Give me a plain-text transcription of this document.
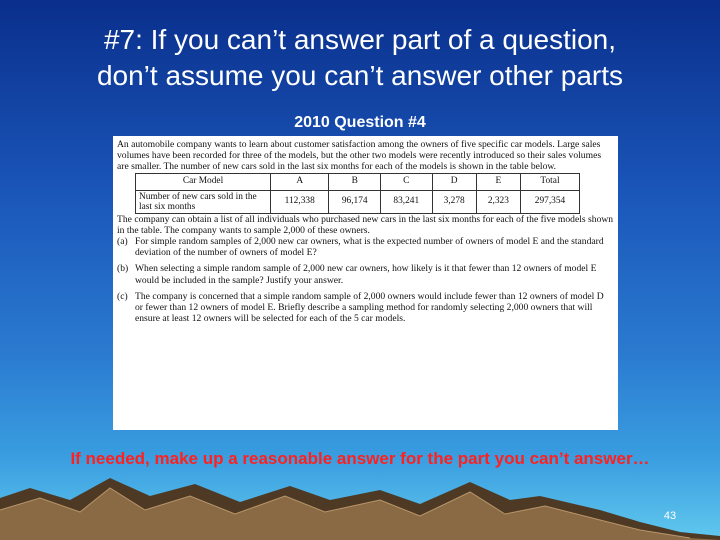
#7: If you can’t answer part of a question,
don’t assume you can’t answer other parts
2010 Question #4

An automobile company wants to learn about customer satisfaction among the owners of five specific car models. Large sales volumes have been recorded for three of the models, but the other two models were recently introduced so their sales volumes are smaller. The number of new cars sold in the last six months for each of the models is shown in the table below.

Car Model	A	B	C	D	E	Total
Number of new cars sold in the last six months	112,338	96,174	83,241	3,278	2,323	297,354

The company can obtain a list of all individuals who purchased new cars in the last six months for each of the five models shown in the table. The company wants to sample 2,000 of these owners.

(a) For simple random samples of 2,000 new car owners, what is the expected number of owners of model E and the standard deviation of the number of owners of model E?
(b) When selecting a simple random sample of 2,000 new car owners, how likely is it that fewer than 12 owners of model E would be included in the sample? Justify your answer.
(c) The company is concerned that a simple random sample of 2,000 owners would include fewer than 12 owners of model D or fewer than 12 owners of model E. Briefly describe a sampling method for randomly selecting 2,000 owners that will ensure at least 12 owners will be selected for each of the 5 car models.
If needed, make up a reasonable answer for the part you can’t answer…
43
